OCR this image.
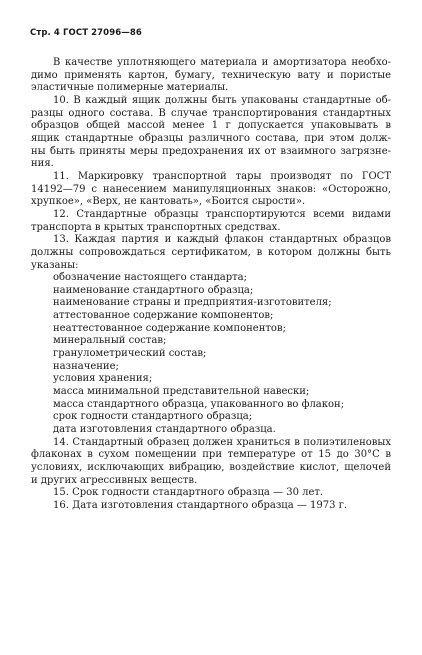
Стр. 4 ГОСТ 27096—86

В качестве уплотняющего материала и амортизатора необхо-

димо применять картон, бумагу, техническую вату и пористые

эластичные полимерные материалы.

10. В каждый ящик должны быть упакованы стандартные об-

разцы одного состава. В случае транспортирования стандартных

образцов общей массой менее 1 г допускается упаковывать в

ящик стандартные образцы различного состава, при этом долж-

ны быть приняты меры предохранения их от взаимного загрязне-

ния.

11. Маркировку транспортной тары производят по ГОСТ

14192—79 с нанесением манипуляционных знаков: «Осторожно,

хрупкое», «Верх, не кантовать», «Боится сырости».

12. Стандартные образцы транспортируются всеми видами

транспорта в крытых транспортных средствах.

13. Каждая партия и каждый флакон стандартных образцов

должны сопровождаться сертификатом, в котором должны быть

указаны:

обозначение настоящего стандарта;

наименование стандартного образца;

наименование страны и предприятия-изготовителя;

аттестованное содержание компонентов;

неаттестованное содержание компонентов;

минеральный состав;

гранулометрический состав;

назначение;

условия хранения;

масса минимальной представительной навески;

масса стандартного образца, упакованного во флакон;

срок годности стандартного образца;

дата изготовления стандартного образца.

14. Стандартный образец должен храниться в полиэтиленовых

флаконах в сухом помещении при температуре от 15 до 30°С в

условиях, исключающих вибрацию, воздействие кислот, щелочей

и других агрессивных веществ.

15. Срок годности стандартного образца — 30 лет.

16. Дата изготовления стандартного образца — 1973 г.
